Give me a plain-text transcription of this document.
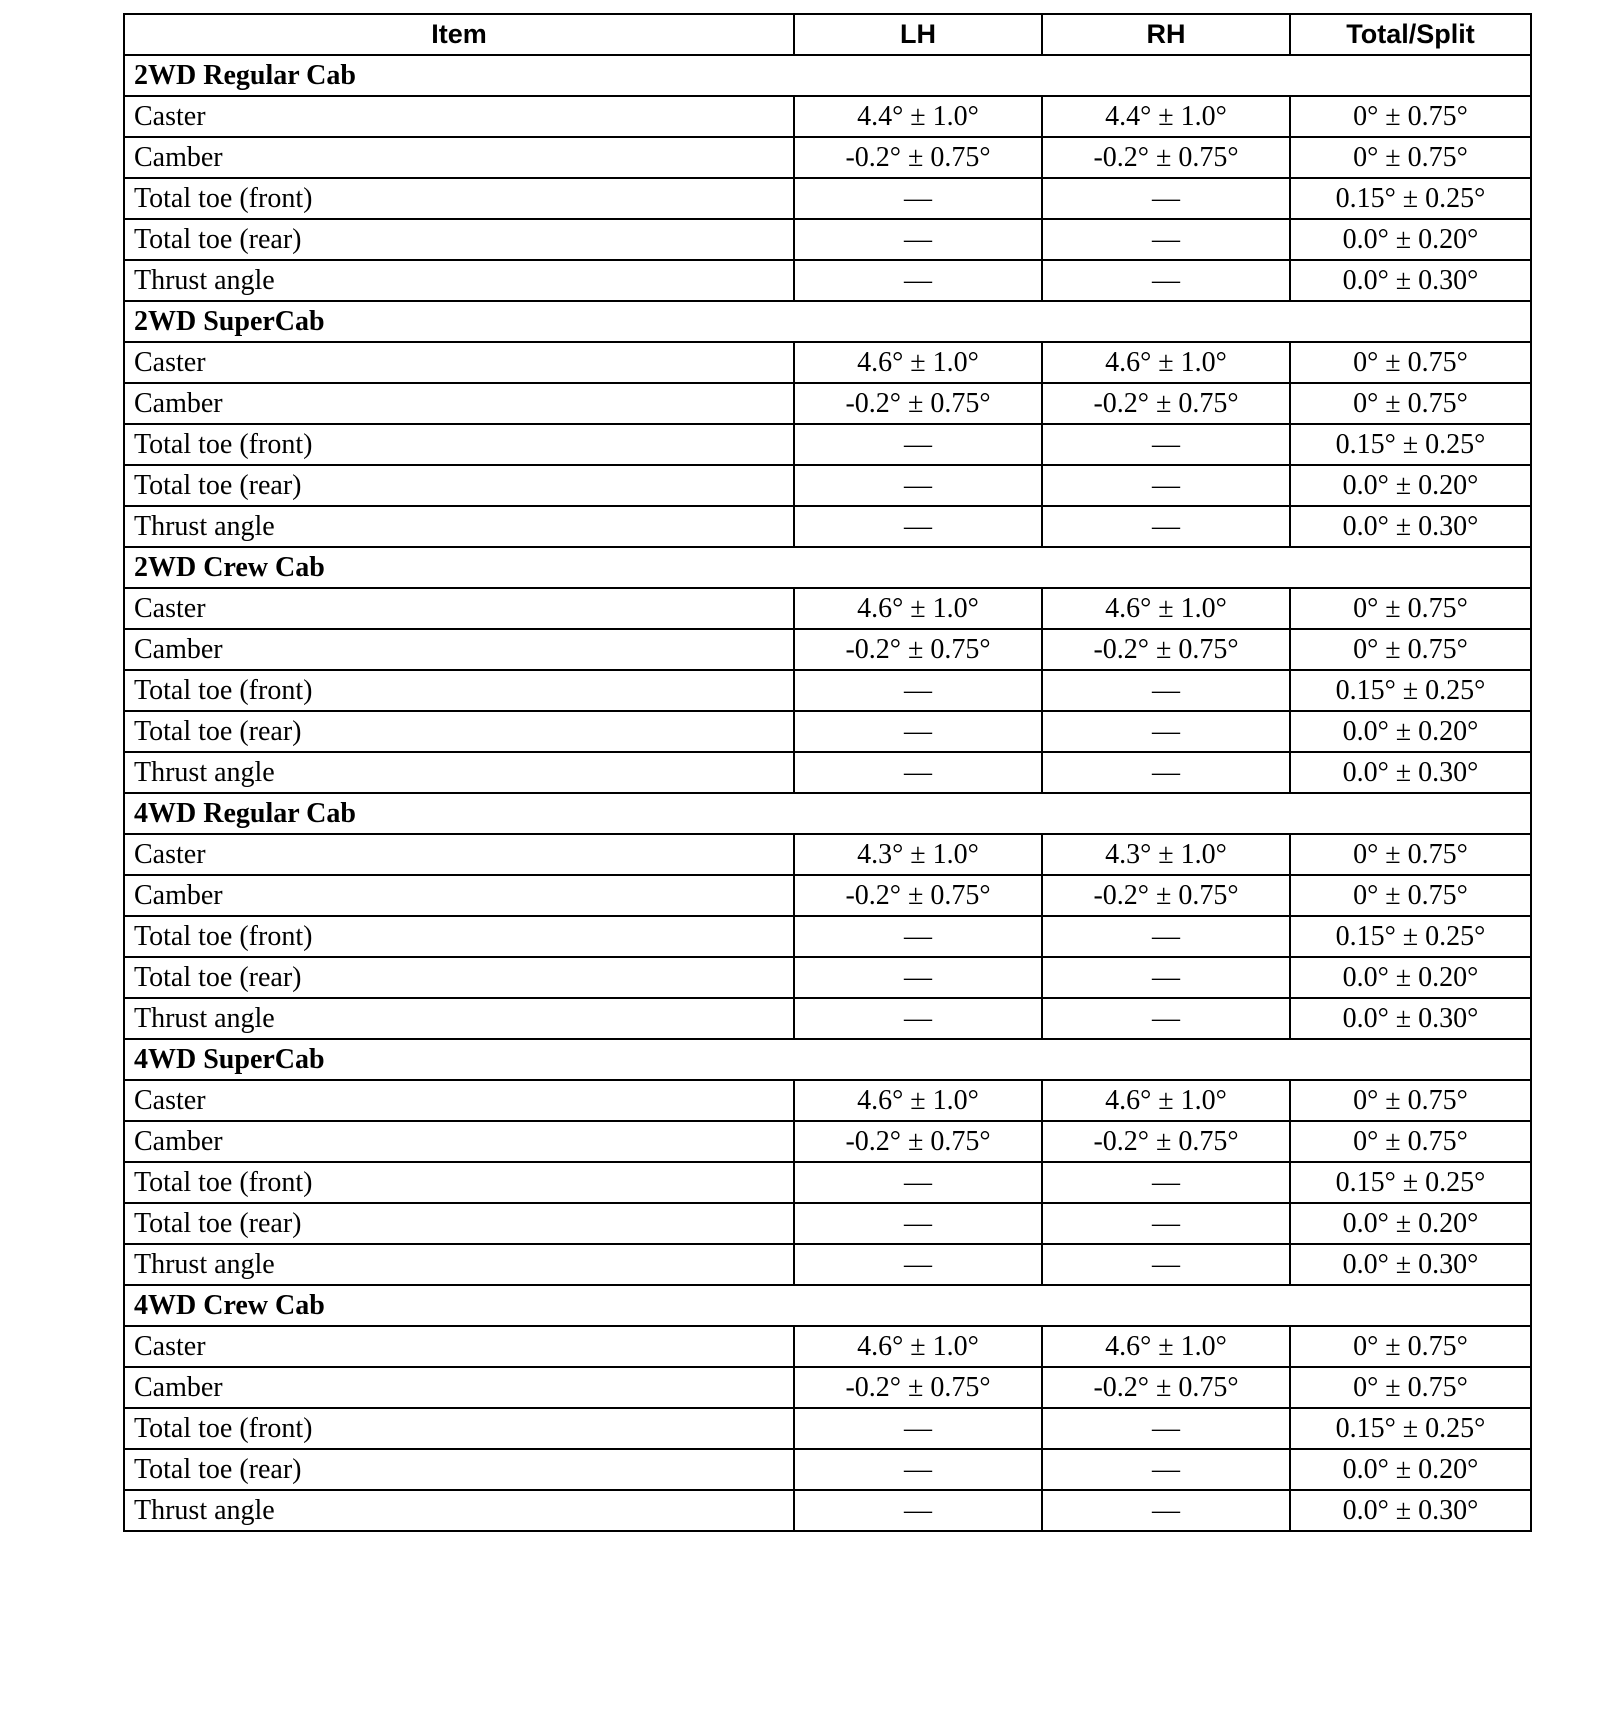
Item	LH	RH	Total/Split
2WD Regular Cab			
Caster	4.4° ± 1.0°	4.4° ± 1.0°	0° ± 0.75°
Camber	-0.2° ± 0.75°	-0.2° ± 0.75°	0° ± 0.75°
Total toe (front)	—	—	0.15° ± 0.25°
Total toe (rear)	—	—	0.0° ± 0.20°
Thrust angle	—	—	0.0° ± 0.30°
2WD SuperCab			
Caster	4.6° ± 1.0°	4.6° ± 1.0°	0° ± 0.75°
Camber	-0.2° ± 0.75°	-0.2° ± 0.75°	0° ± 0.75°
Total toe (front)	—	—	0.15° ± 0.25°
Total toe (rear)	—	—	0.0° ± 0.20°
Thrust angle	—	—	0.0° ± 0.30°
2WD Crew Cab			
Caster	4.6° ± 1.0°	4.6° ± 1.0°	0° ± 0.75°
Camber	-0.2° ± 0.75°	-0.2° ± 0.75°	0° ± 0.75°
Total toe (front)	—	—	0.15° ± 0.25°
Total toe (rear)	—	—	0.0° ± 0.20°
Thrust angle	—	—	0.0° ± 0.30°
4WD Regular Cab			
Caster	4.3° ± 1.0°	4.3° ± 1.0°	0° ± 0.75°
Camber	-0.2° ± 0.75°	-0.2° ± 0.75°	0° ± 0.75°
Total toe (front)	—	—	0.15° ± 0.25°
Total toe (rear)	—	—	0.0° ± 0.20°
Thrust angle	—	—	0.0° ± 0.30°
4WD SuperCab			
Caster	4.6° ± 1.0°	4.6° ± 1.0°	0° ± 0.75°
Camber	-0.2° ± 0.75°	-0.2° ± 0.75°	0° ± 0.75°
Total toe (front)	—	—	0.15° ± 0.25°
Total toe (rear)	—	—	0.0° ± 0.20°
Thrust angle	—	—	0.0° ± 0.30°
4WD Crew Cab			
Caster	4.6° ± 1.0°	4.6° ± 1.0°	0° ± 0.75°
Camber	-0.2° ± 0.75°	-0.2° ± 0.75°	0° ± 0.75°
Total toe (front)	—	—	0.15° ± 0.25°
Total toe (rear)	—	—	0.0° ± 0.20°
Thrust angle	—	—	0.0° ± 0.30°
